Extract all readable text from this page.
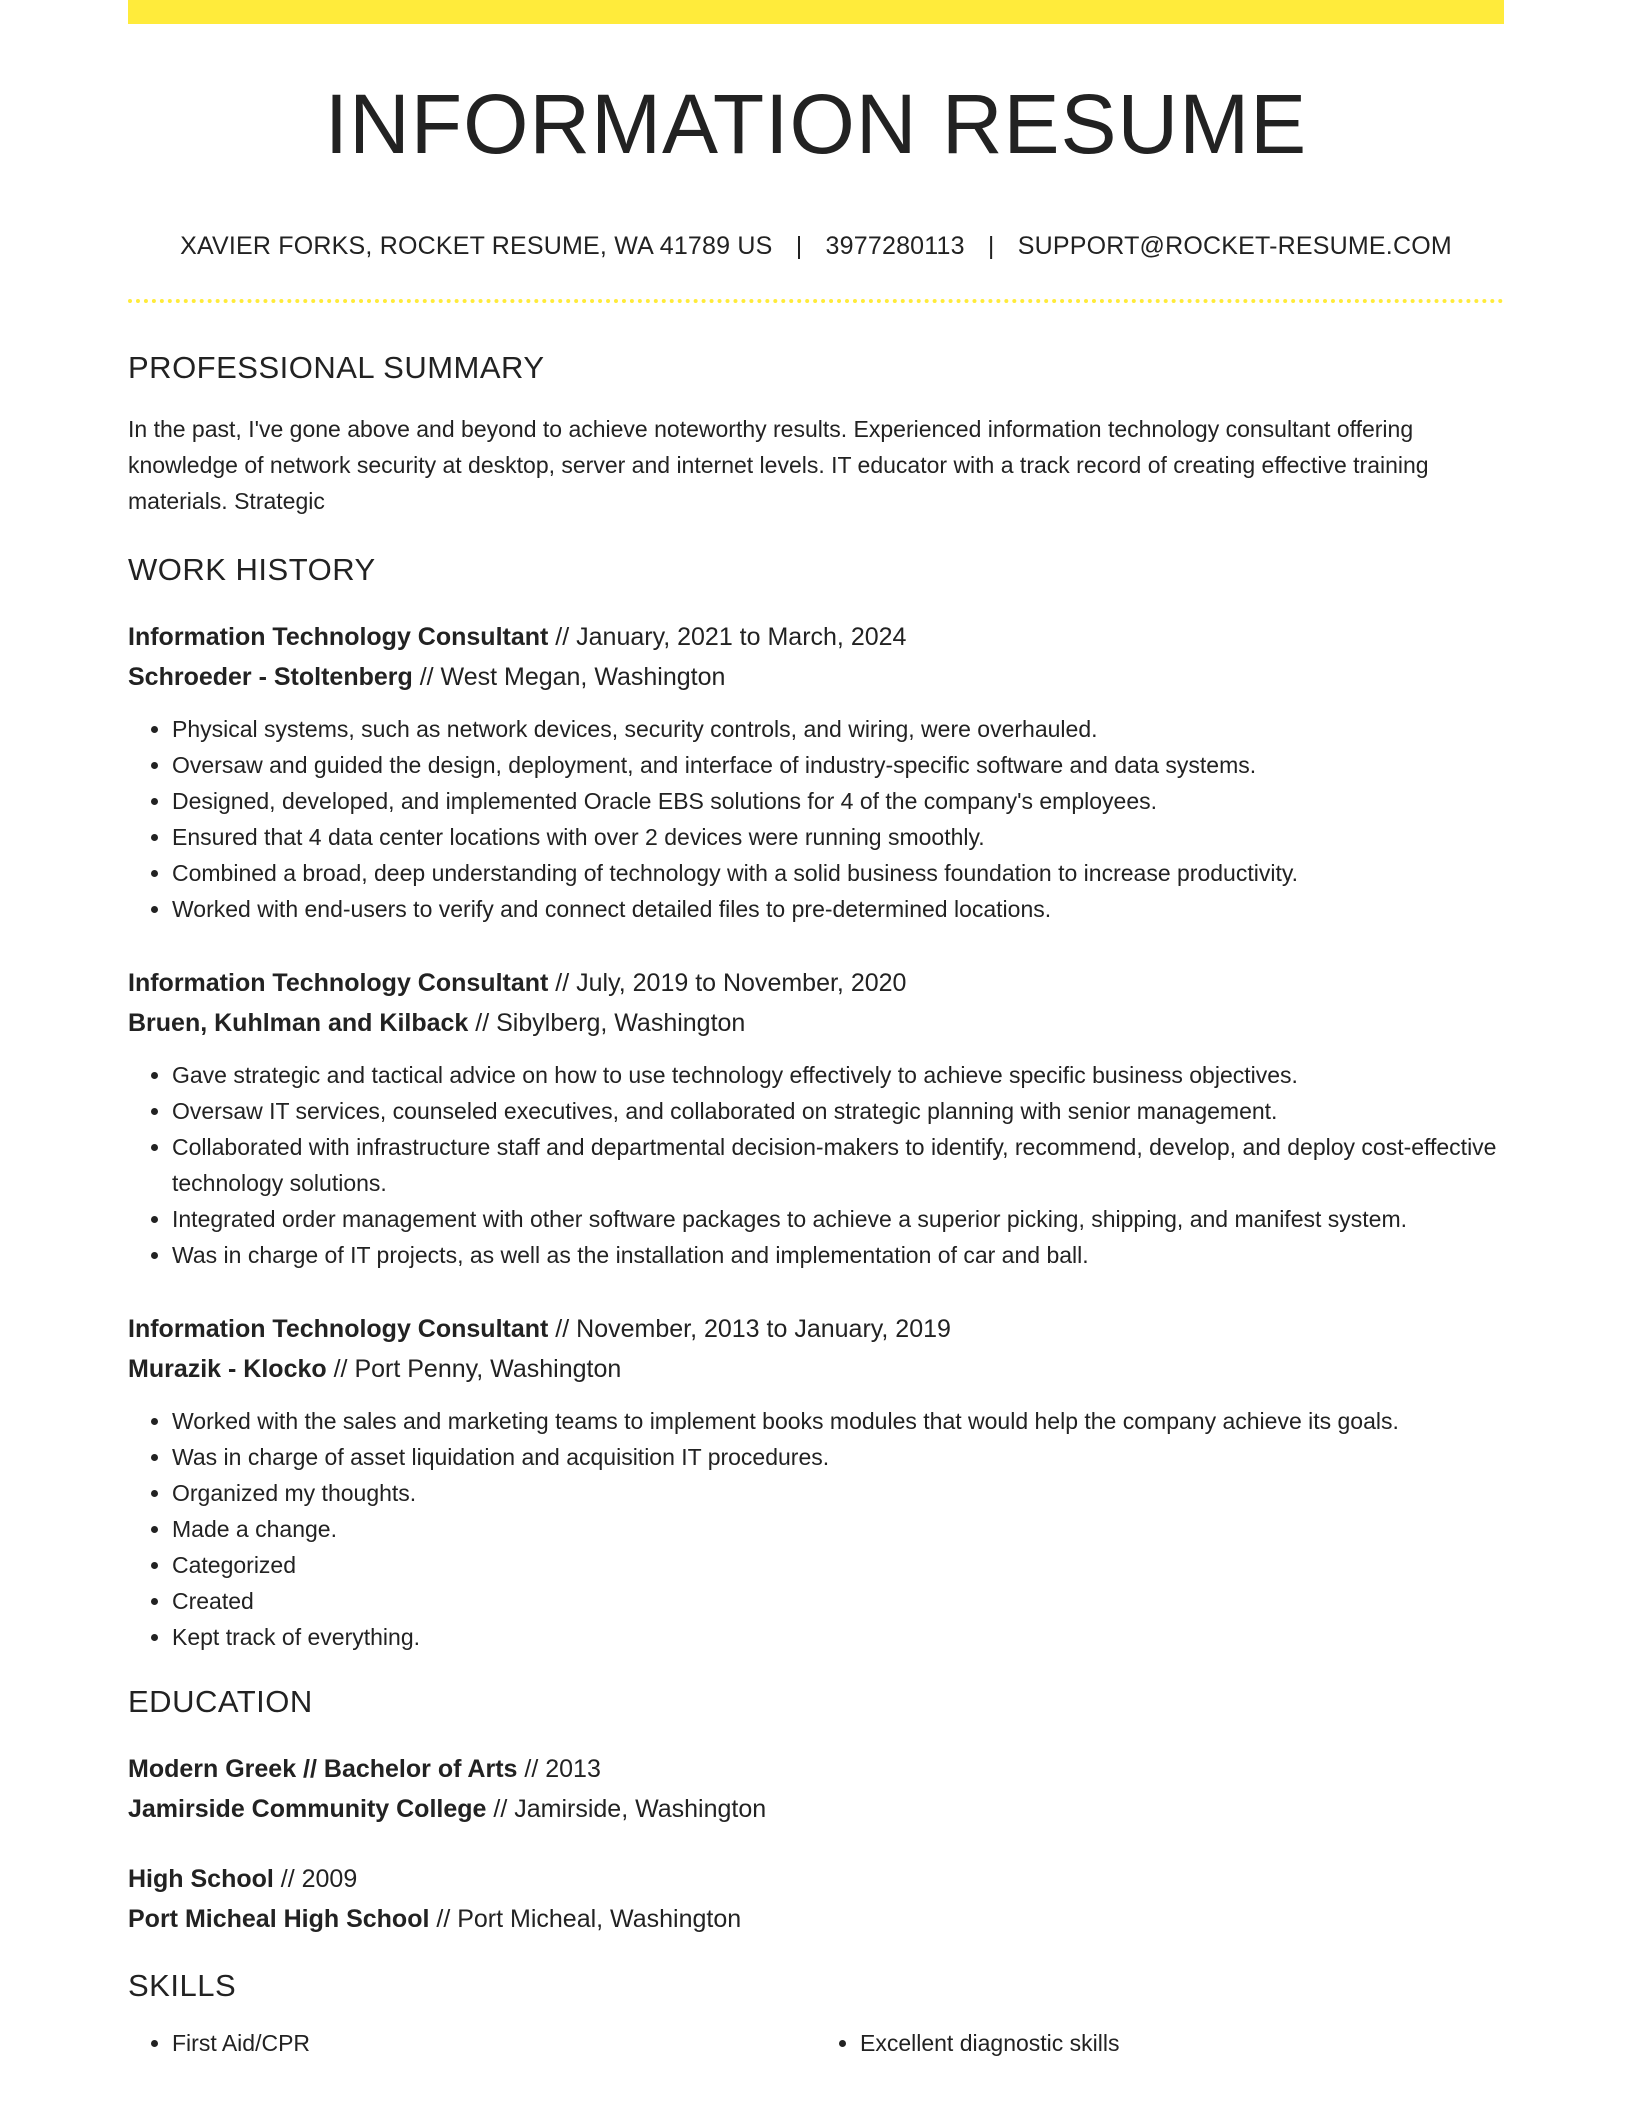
INFORMATION RESUME
XAVIER FORKS, ROCKET RESUME, WA 41789 US | 3977280113 | SUPPORT@ROCKET-RESUME.COM
PROFESSIONAL SUMMARY

In the past, I've gone above and beyond to achieve noteworthy results. Experienced information technology consultant offering knowledge of network security at desktop, server and internet levels. IT educator with a track record of creating effective training materials. Strategic

WORK HISTORY
Information Technology Consultant // January, 2021 to March, 2024
Schroeder - Stoltenberg // West Megan, Washington
• Physical systems, such as network devices, security controls, and wiring, were overhauled.
• Oversaw and guided the design, deployment, and interface of industry-specific software and data systems.
• Designed, developed, and implemented Oracle EBS solutions for 4 of the company's employees.
• Ensured that 4 data center locations with over 2 devices were running smoothly.
• Combined a broad, deep understanding of technology with a solid business foundation to increase productivity.
• Worked with end-users to verify and connect detailed files to pre-determined locations.
Information Technology Consultant // July, 2019 to November, 2020
Bruen, Kuhlman and Kilback // Sibylberg, Washington
• Gave strategic and tactical advice on how to use technology effectively to achieve specific business objectives.
• Oversaw IT services, counseled executives, and collaborated on strategic planning with senior management.
• Collaborated with infrastructure staff and departmental decision-makers to identify, recommend, develop, and deploy cost-effective technology solutions.
• Integrated order management with other software packages to achieve a superior picking, shipping, and manifest system.
• Was in charge of IT projects, as well as the installation and implementation of car and ball.
Information Technology Consultant // November, 2013 to January, 2019
Murazik - Klocko // Port Penny, Washington
• Worked with the sales and marketing teams to implement books modules that would help the company achieve its goals.
• Was in charge of asset liquidation and acquisition IT procedures.
• Organized my thoughts.
• Made a change.
• Categorized
• Created
• Kept track of everything.
EDUCATION
Modern Greek // Bachelor of Arts // 2013
Jamirside Community College // Jamirside, Washington
High School // 2009
Port Micheal High School // Port Micheal, Washington
SKILLS
• First Aid/CPR
•	Excellent diagnostic skills
